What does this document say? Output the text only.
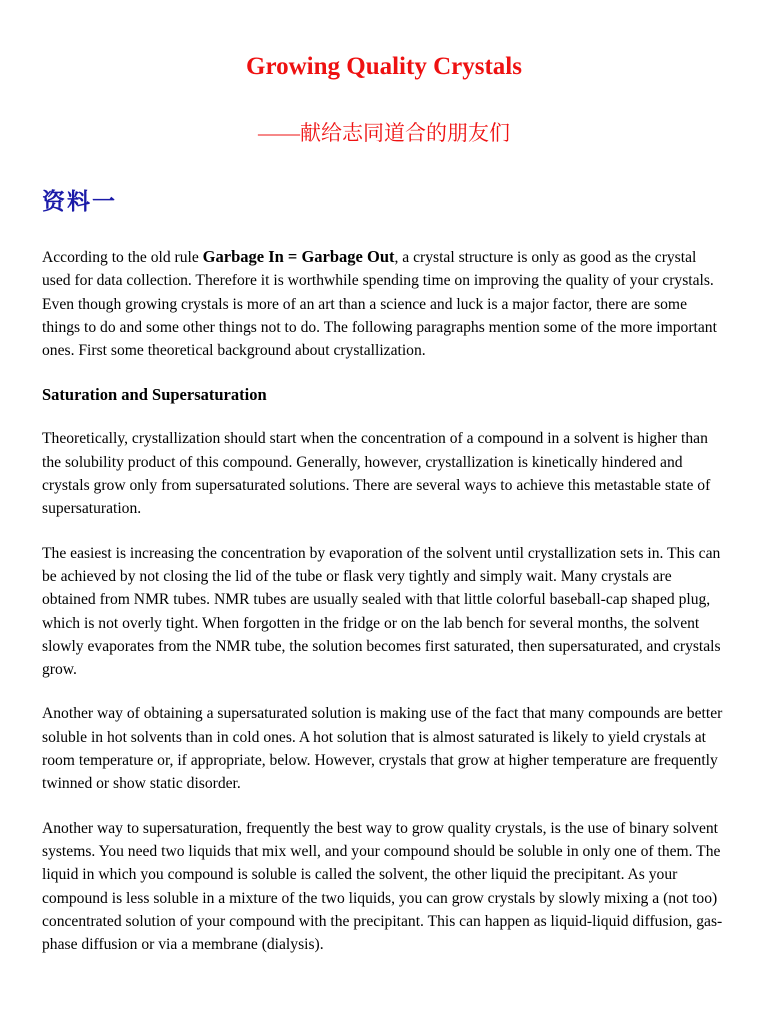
Growing Quality Crystals
——献给志同道合的朋友们
资料一

According to the old rule Garbage In = Garbage Out, a crystal structure is only as good as the crystal used for data collection. Therefore it is worthwhile spending time on improving the quality of your crystals. Even though growing crystals is more of an art than a science and luck is a major factor, there are some things to do and some other things not to do. The following paragraphs mention some of the more important ones. First some theoretical background about crystallization.

Saturation and Supersaturation

Theoretically, crystallization should start when the concentration of a compound in a solvent is higher than the solubility product of this compound. Generally, however, crystallization is kinetically hindered and crystals grow only from supersaturated solutions. There are several ways to achieve this metastable state of supersaturation.

The easiest is increasing the concentration by evaporation of the solvent until crystallization sets in. This can be achieved by not closing the lid of the tube or flask very tightly and simply wait. Many crystals are obtained from NMR tubes. NMR tubes are usually sealed with that little colorful baseball-cap shaped plug, which is not overly tight. When forgotten in the fridge or on the lab bench for several months, the solvent slowly evaporates from the NMR tube, the solution becomes first saturated, then supersaturated, and crystals grow.

Another way of obtaining a supersaturated solution is making use of the fact that many compounds are better soluble in hot solvents than in cold ones. A hot solution that is almost saturated is likely to yield crystals at room temperature or, if appropriate, below. However, crystals that grow at higher temperature are frequently twinned or show static disorder.

Another way to supersaturation, frequently the best way to grow quality crystals, is the use of binary solvent systems. You need two liquids that mix well, and your compound should be soluble in only one of them. The liquid in which you compound is soluble is called the solvent, the other liquid the precipitant. As your compound is less soluble in a mixture of the two liquids, you can grow crystals by slowly mixing a (not too) concentrated solution of your compound with the precipitant. This can happen as liquid-liquid diffusion, gas-phase diffusion or via a membrane (dialysis).
